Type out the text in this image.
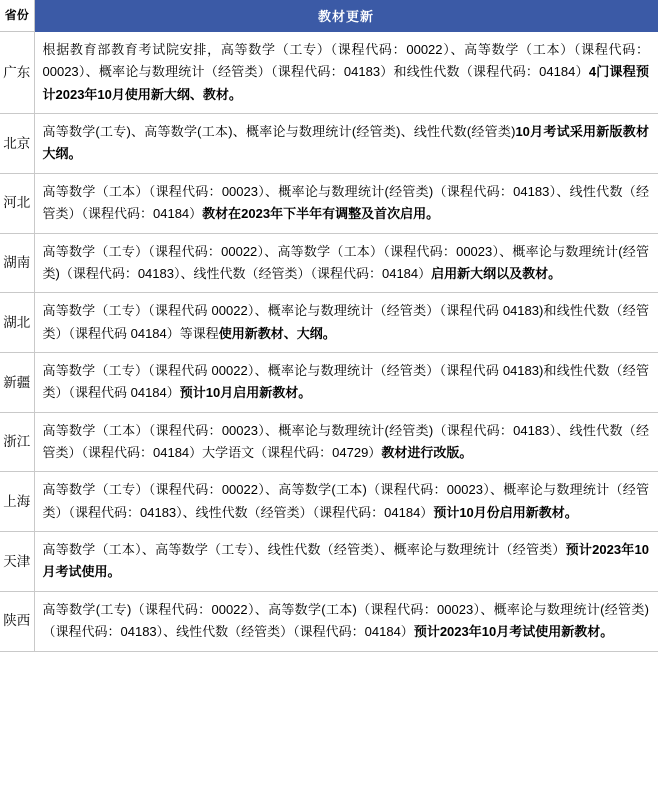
省份	教材更新
广东	根据教育部教育考试院安排，高等数学（工专）（课程代码：00022）、高等数学（工本）（课程代码：00023）、概率论与数理统计（经管类）（课程代码：04183）和线性代数（课程代码：04184）4门课程预计2023年10月使用新大纲、教材。
北京	高等数学(工专)、高等数学(工本)、概率论与数理统计(经管类)、线性代数(经管类)10月考试采用新版教材大纲。
河北	高等数学（工本）（课程代码：00023）、概率论与数理统计(经管类)（课程代码：04183）、线性代数（经管类）（课程代码：04184）教材在2023年下半年有调整及首次启用。
湖南	高等数学（工专）（课程代码：00022）、高等数学（工本）（课程代码：00023）、概率论与数理统计(经管类)（课程代码：04183）、线性代数（经管类）（课程代码：04184）启用新大纲以及教材。
湖北	高等数学（工专）（课程代码 00022）、概率论与数理统计（经管类）（课程代码 04183)和线性代数（经管类）（课程代码 04184）等课程使用新教材、大纲。
新疆	高等数学（工专）（课程代码 00022）、概率论与数理统计（经管类）（课程代码 04183)和线性代数（经管类）（课程代码 04184）预计10月启用新教材。
浙江	高等数学（工本）（课程代码：00023）、概率论与数理统计(经管类)（课程代码：04183）、线性代数（经管类）（课程代码：04184）大学语文（课程代码：04729）教材进行改版。
上海	高等数学（工专）（课程代码：00022）、高等数学(工本)（课程代码：00023）、概率论与数理统计（经管类）（课程代码：04183）、线性代数（经管类）（课程代码：04184）预计10月份启用新教材。
天津	高等数学（工本）、高等数学（工专）、线性代数（经管类）、概率论与数理统计（经管类）预计2023年10月考试使用。
陕西	高等数学(工专)（课程代码：00022）、高等数学(工本)（课程代码：00023）、概率论与数理统计(经管类)（课程代码：04183）、线性代数（经管类）（课程代码：04184）预计2023年10月考试使用新教材。
